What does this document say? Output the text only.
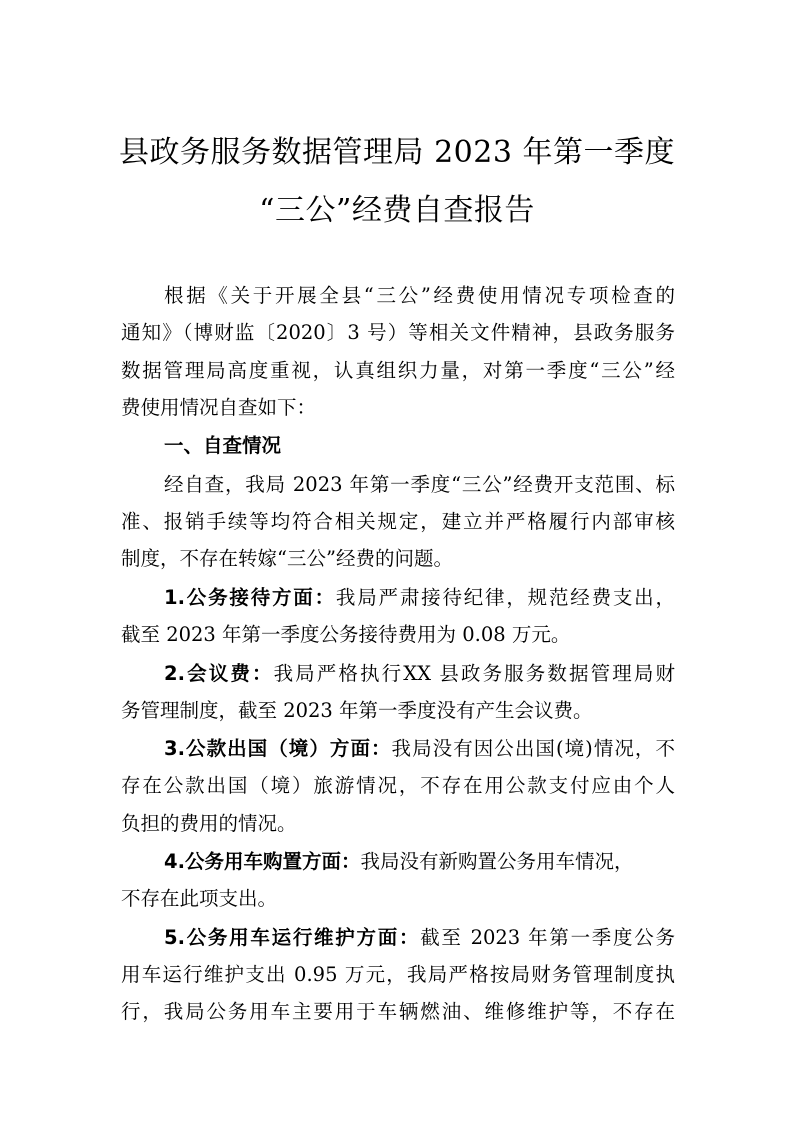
县政务服务数据管理局 2023 年第一季度
“三公”经费自查报告
根据《关于开展全县“三公”经费使用情况专项检查的
通知》（博财监〔2020〕3 号）等相关文件精神，县政务服务
数据管理局高度重视，认真组织力量，对第一季度“三公”经
费使用情况自查如下：
一、自查情况
经自查，我局 2023 年第一季度“三公”经费开支范围、标
准、报销手续等均符合相关规定，建立并严格履行内部审核
制度，不存在转嫁“三公”经费的问题。
1.公务接待方面：我局严肃接待纪律，规范经费支出，
截至 2023 年第一季度公务接待费用为 0.08 万元。
2.会议费：我局严格执行XX 县政务服务数据管理局财
务管理制度，截至 2023 年第一季度没有产生会议费。
3.公款出国（境）方面：我局没有因公出国(境)情况，不
存在公款出国（境）旅游情况，不存在用公款支付应由个人
负担的费用的情况。
4.公务用车购置方面：我局没有新购置公务用车情况，
不存在此项支出。
5.公务用车运行维护方面：截至 2023 年第一季度公务
用车运行维护支出 0.95 万元，我局严格按局财务管理制度执
行，我局公务用车主要用于车辆燃油、维修维护等，不存在
